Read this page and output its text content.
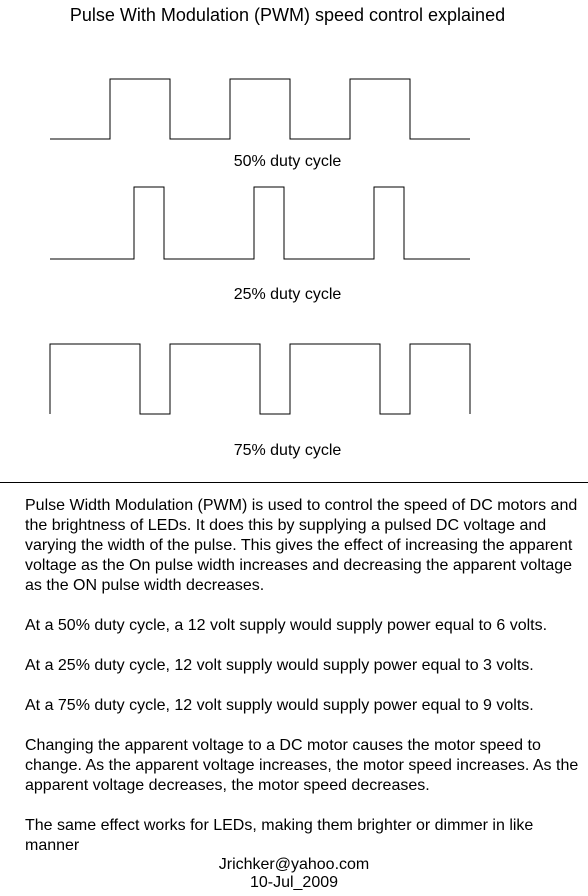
Pulse With Modulation (PWM) speed control explained
50% duty cycle
25% duty cycle
75% duty cycle

Pulse Width Modulation (PWM) is used to control the speed of DC motors and the brightness of LEDs. It does this by supplying a pulsed DC voltage and varying the width of the pulse. This gives the effect of increasing the apparent voltage as the On pulse width increases and decreasing the apparent voltage as the ON pulse width decreases.

At a 50% duty cycle, a 12 volt supply would supply power equal to 6 volts.

At a 25% duty cycle, 12 volt supply would supply power equal to 3 volts.

At a 75% duty cycle, 12 volt supply would supply power equal to 9 volts.

Changing the apparent voltage to a DC motor causes the motor speed to change. As the apparent voltage increases, the motor speed increases. As the apparent voltage decreases, the motor speed decreases.

The same effect works for LEDs, making them brighter or dimmer in like manner

Jrichker@yahoo.com
10-Jul_2009
